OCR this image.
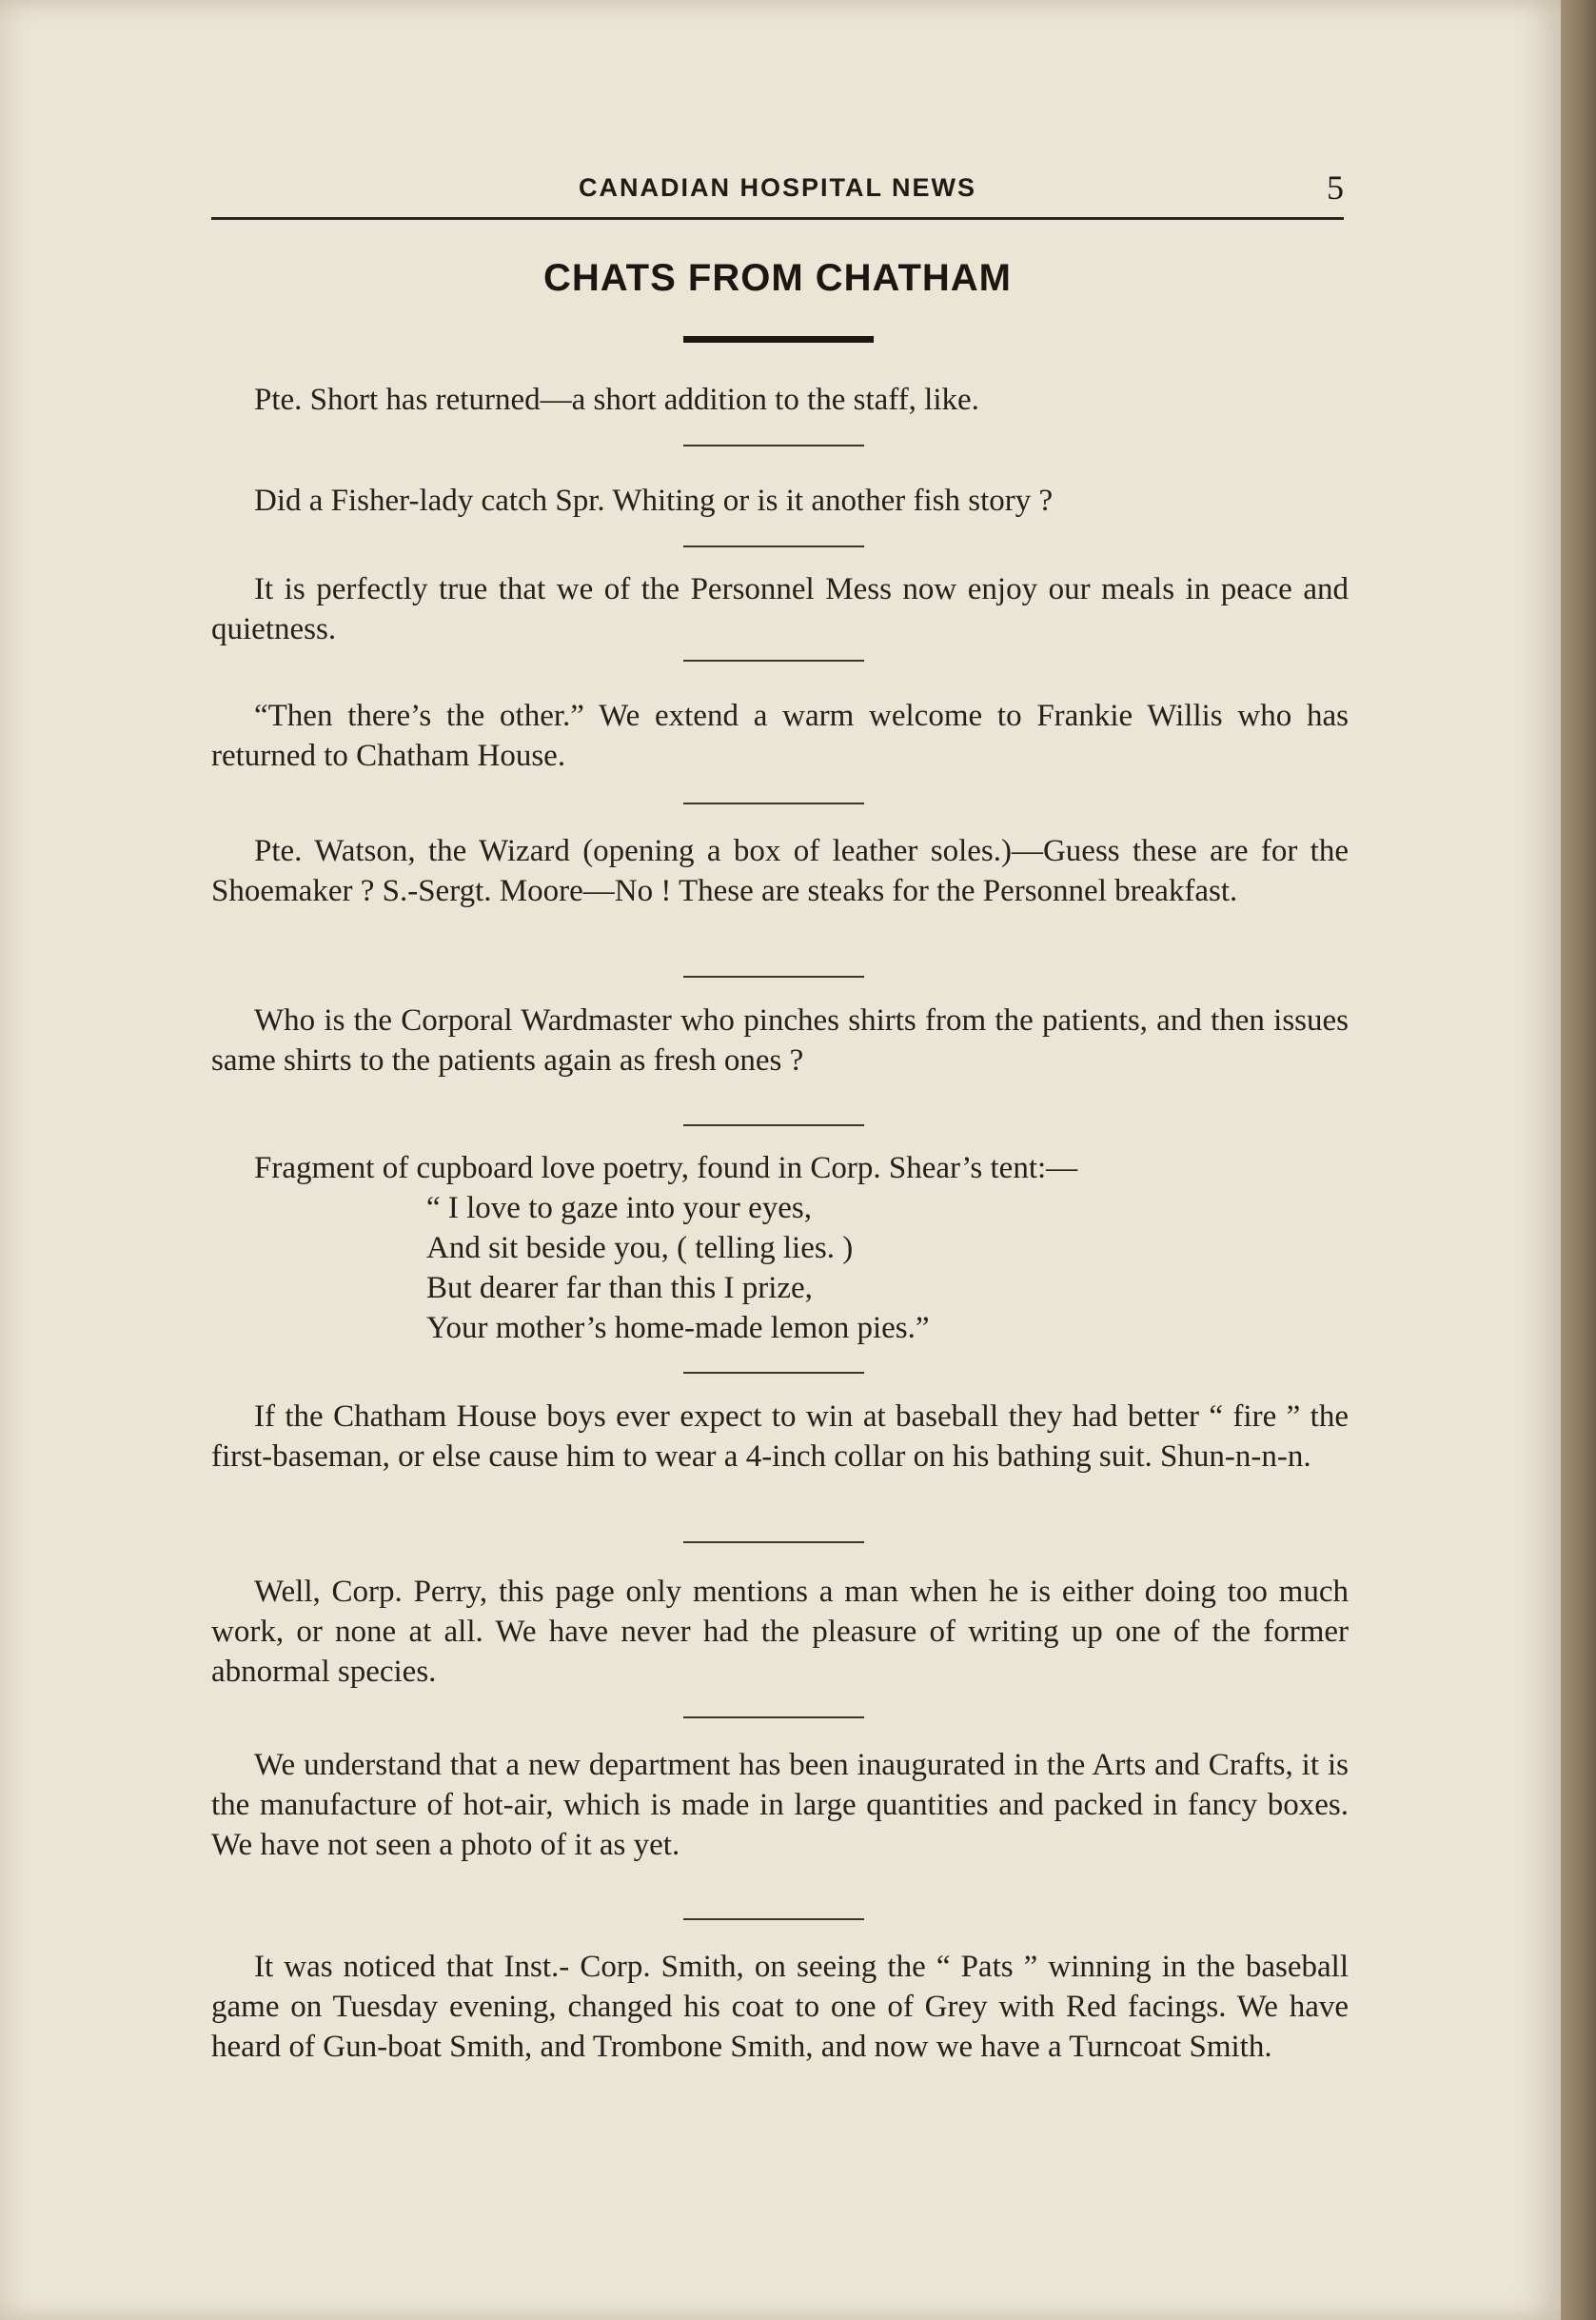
CANADIAN HOSPITAL NEWS	5
CHATS FROM CHATHAM

Pte. Short has returned—a short addition to the staff, like.

Did a Fisher-lady catch Spr. Whiting or is it another fish story ?

It is perfectly true that we of the Personnel Mess now enjoy our meals in peace and quietness.

“Then there’s the other.” We extend a warm welcome to Frankie Willis who has returned to Chatham House.

Pte. Watson, the Wizard (opening a box of leather soles.)—Guess these are for the Shoemaker ? S.-Sergt. Moore—No ! These are steaks for the Personnel breakfast.

Who is the Corporal Wardmaster who pinches shirts from the patients, and then issues same shirts to the patients again as fresh ones ?

Fragment of cupboard love poetry, found in Corp. Shear’s tent:—

“ I love to gaze into your eyes,
And sit beside you, ( telling lies. )
But dearer far than this I prize,
Your mother’s home-made lemon pies.”

If the Chatham House boys ever expect to win at baseball they had better “ fire ” the first-baseman, or else cause him to wear a 4-inch collar on his bathing suit. Shun-n-n-n.

Well, Corp. Perry, this page only mentions a man when he is either doing too much work, or none at all. We have never had the pleasure of writing up one of the former abnormal species.

We understand that a new department has been inaugurated in the Arts and Crafts, it is the manufacture of hot-air, which is made in large quantities and packed in fancy boxes. We have not seen a photo of it as yet.

It was noticed that Inst.- Corp. Smith, on seeing the “ Pats ” winning in the baseball game on Tuesday evening, changed his coat to one of Grey with Red facings. We have heard of Gun-boat Smith, and Trombone Smith, and now we have a Turncoat Smith.
